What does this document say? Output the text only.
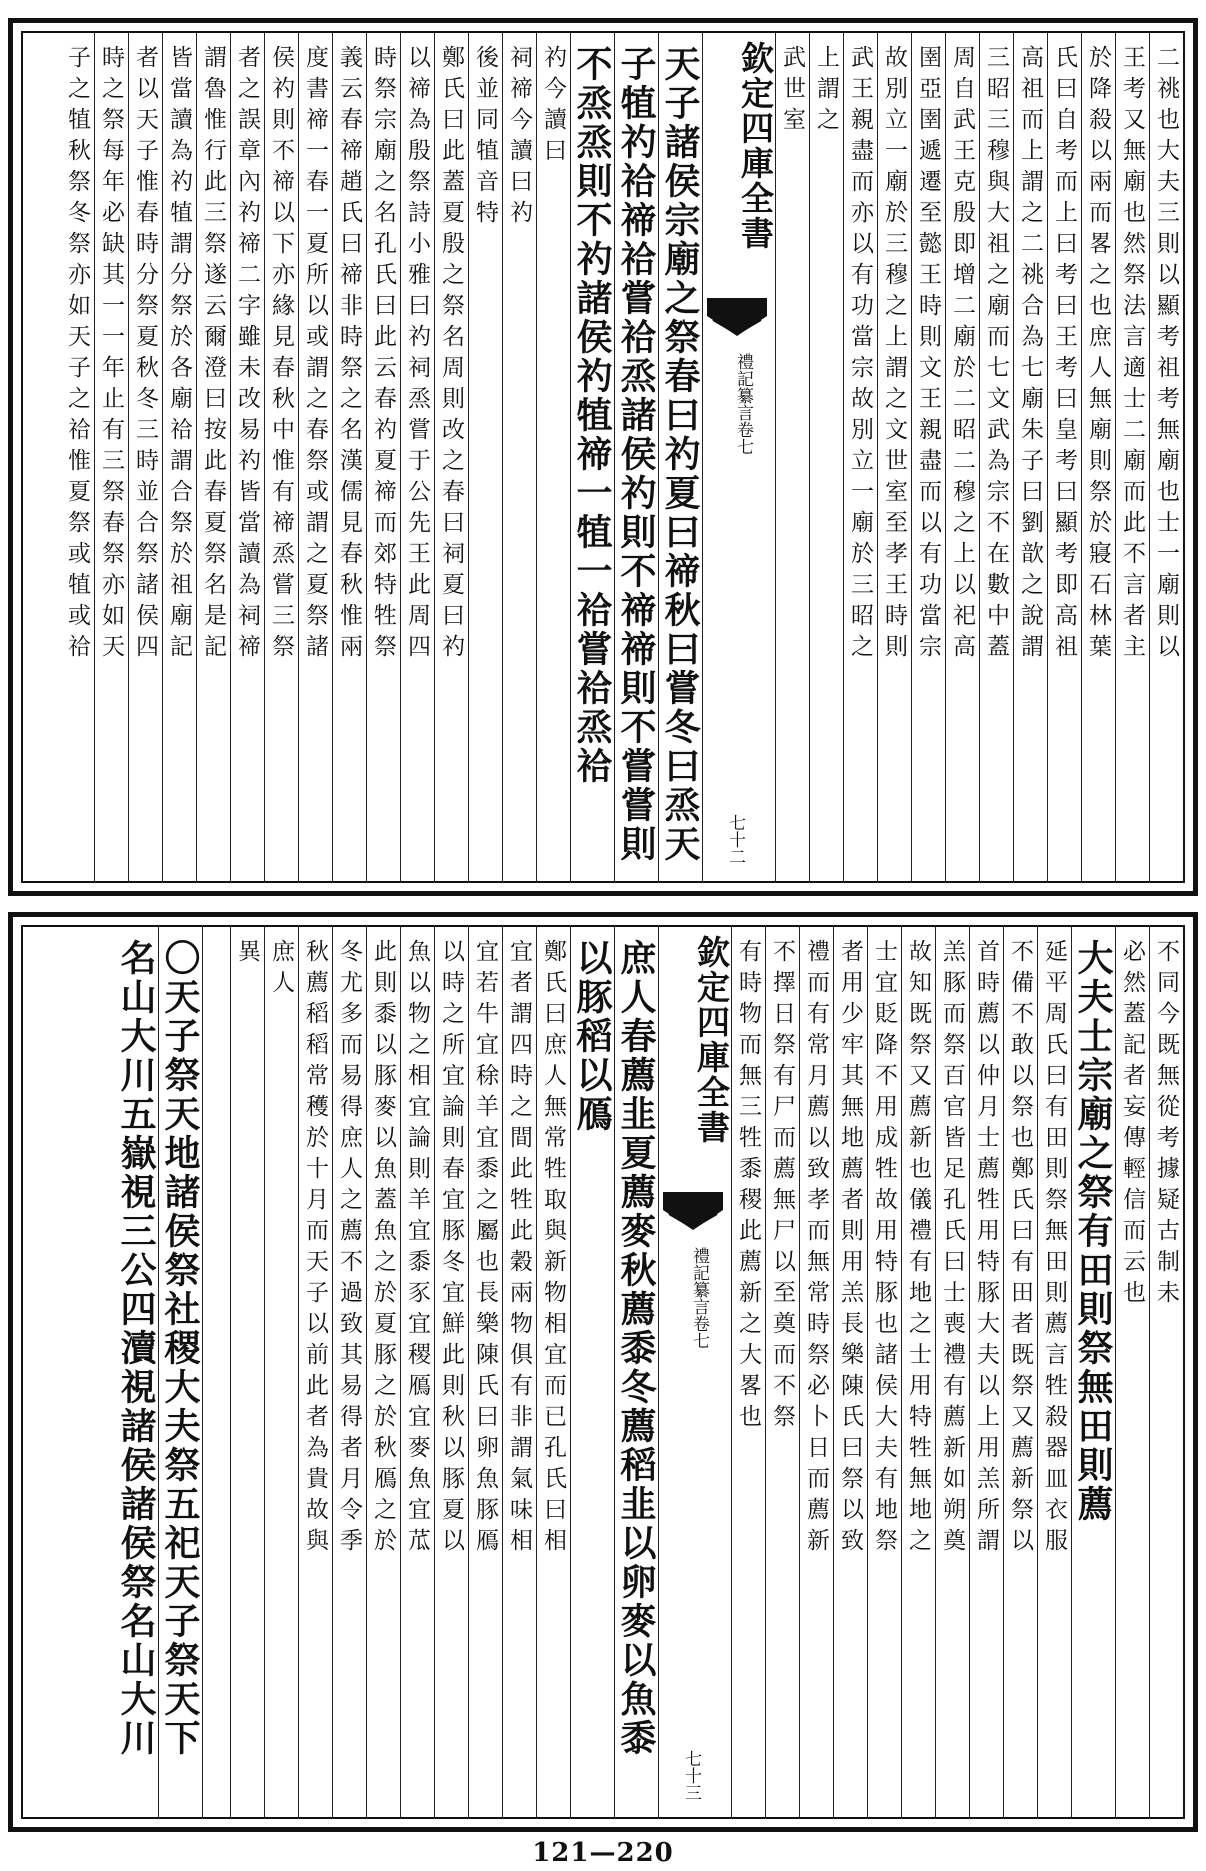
二祧也大夫三則以顯考祖考無廟也士一廟則以
王考又無廟也然祭法言適士二廟而此不言者主
於降殺以兩而畧之也庶人無廟則祭於寢石林葉
氏曰自考而上曰考曰王考曰皇考曰顯考即高祖
高祖而上謂之二祧合為七廟朱子曰劉歆之說謂
三昭三穆與大祖之廟而七文武為宗不在數中蓋
周自武王克殷即增二廟於二昭二穆之上以祀高
圉亞圉遞遷至懿王時則文王親盡而以有功當宗
故別立一廟於三穆之上謂之文世室至孝王時則
武王親盡而亦以有功當宗故別立一廟於三昭之
上謂之
武世室
欽定四庫全書
禮記纂言卷七
七十二
天子諸侯宗廟之祭春曰礿夏曰禘秋曰嘗冬曰烝天
子犆礿祫禘祫嘗祫烝諸侯礿則不禘禘則不嘗嘗則
不烝烝則不礿諸侯礿犆禘一犆一祫嘗祫烝祫
礿今讀曰
祠禘今讀曰礿
後並同犆音特
鄭氏曰此蓋夏殷之祭名周則改之春曰祠夏曰礿
以禘為殷祭詩小雅曰礿祠烝嘗于公先王此周四
時祭宗廟之名孔氏曰此云春礿夏禘而郊特牲祭
義云春禘趙氏曰禘非時祭之名漢儒見春秋惟兩
度書禘一春一夏所以或謂之春祭或謂之夏祭諸
侯礿則不禘以下亦緣見春秋中惟有禘烝嘗三祭
者之誤章內礿禘二字雖未改易礿皆當讀為祠禘
謂魯惟行此三祭遂云爾澄曰按此春夏祭名是記
皆當讀為礿犆謂分祭於各廟祫謂合祭於祖廟記
者以天子惟春時分祭夏秋冬三時並合祭諸侯四
時之祭每年必缺其一一年止有三祭春祭亦如天
子之犆秋祭冬祭亦如天子之祫惟夏祭或犆或祫
不同今既無從考據疑古制未
必然蓋記者妄傳輕信而云也
大夫士宗廟之祭有田則祭無田則薦
延平周氏曰有田則祭無田則薦言牲殺器皿衣服
不備不敢以祭也鄭氏曰有田者既祭又薦新祭以
首時薦以仲月士薦牲用特豚大夫以上用羔所謂
羔豚而祭百官皆足孔氏曰士喪禮有薦新如朔奠
故知既祭又薦新也儀禮有地之士用特牲無地之
士宜貶降不用成牲故用特豚也諸侯大夫有地祭
者用少牢其無地薦者則用羔長樂陳氏曰祭以致
禮而有常月薦以致孝而無常時祭必卜日而薦新
不擇日祭有尸而薦無尸以至奠而不祭
有時物而無三牲黍稷此薦新之大畧也
欽定四庫全書
禮記纂言卷七
七十三
庶人春薦韭夏薦麥秋薦黍冬薦稻韭以卵麥以魚黍
以豚稻以鴈
鄭氏曰庶人無常牲取與新物相宜而已孔氏曰相
宜者謂四時之間此牲此穀兩物俱有非謂氣味相
宜若牛宜稌羊宜黍之屬也長樂陳氏曰卵魚豚鴈
以時之所宜論則春宜豚冬宜鮮此則秋以豚夏以
魚以物之相宜論則羊宜黍豕宜稷鴈宜麥魚宜苽
此則黍以豚麥以魚蓋魚之於夏豚之於秋鴈之於
冬尤多而易得庶人之薦不過致其易得者月令季
秋薦稻稻常穫於十月而天子以前此者為貴故與
庶人
異
〇天子祭天地諸侯祭社稷大夫祭五祀天子祭天下
名山大川五嶽視三公四瀆視諸侯諸侯祭名山大川
121—220
